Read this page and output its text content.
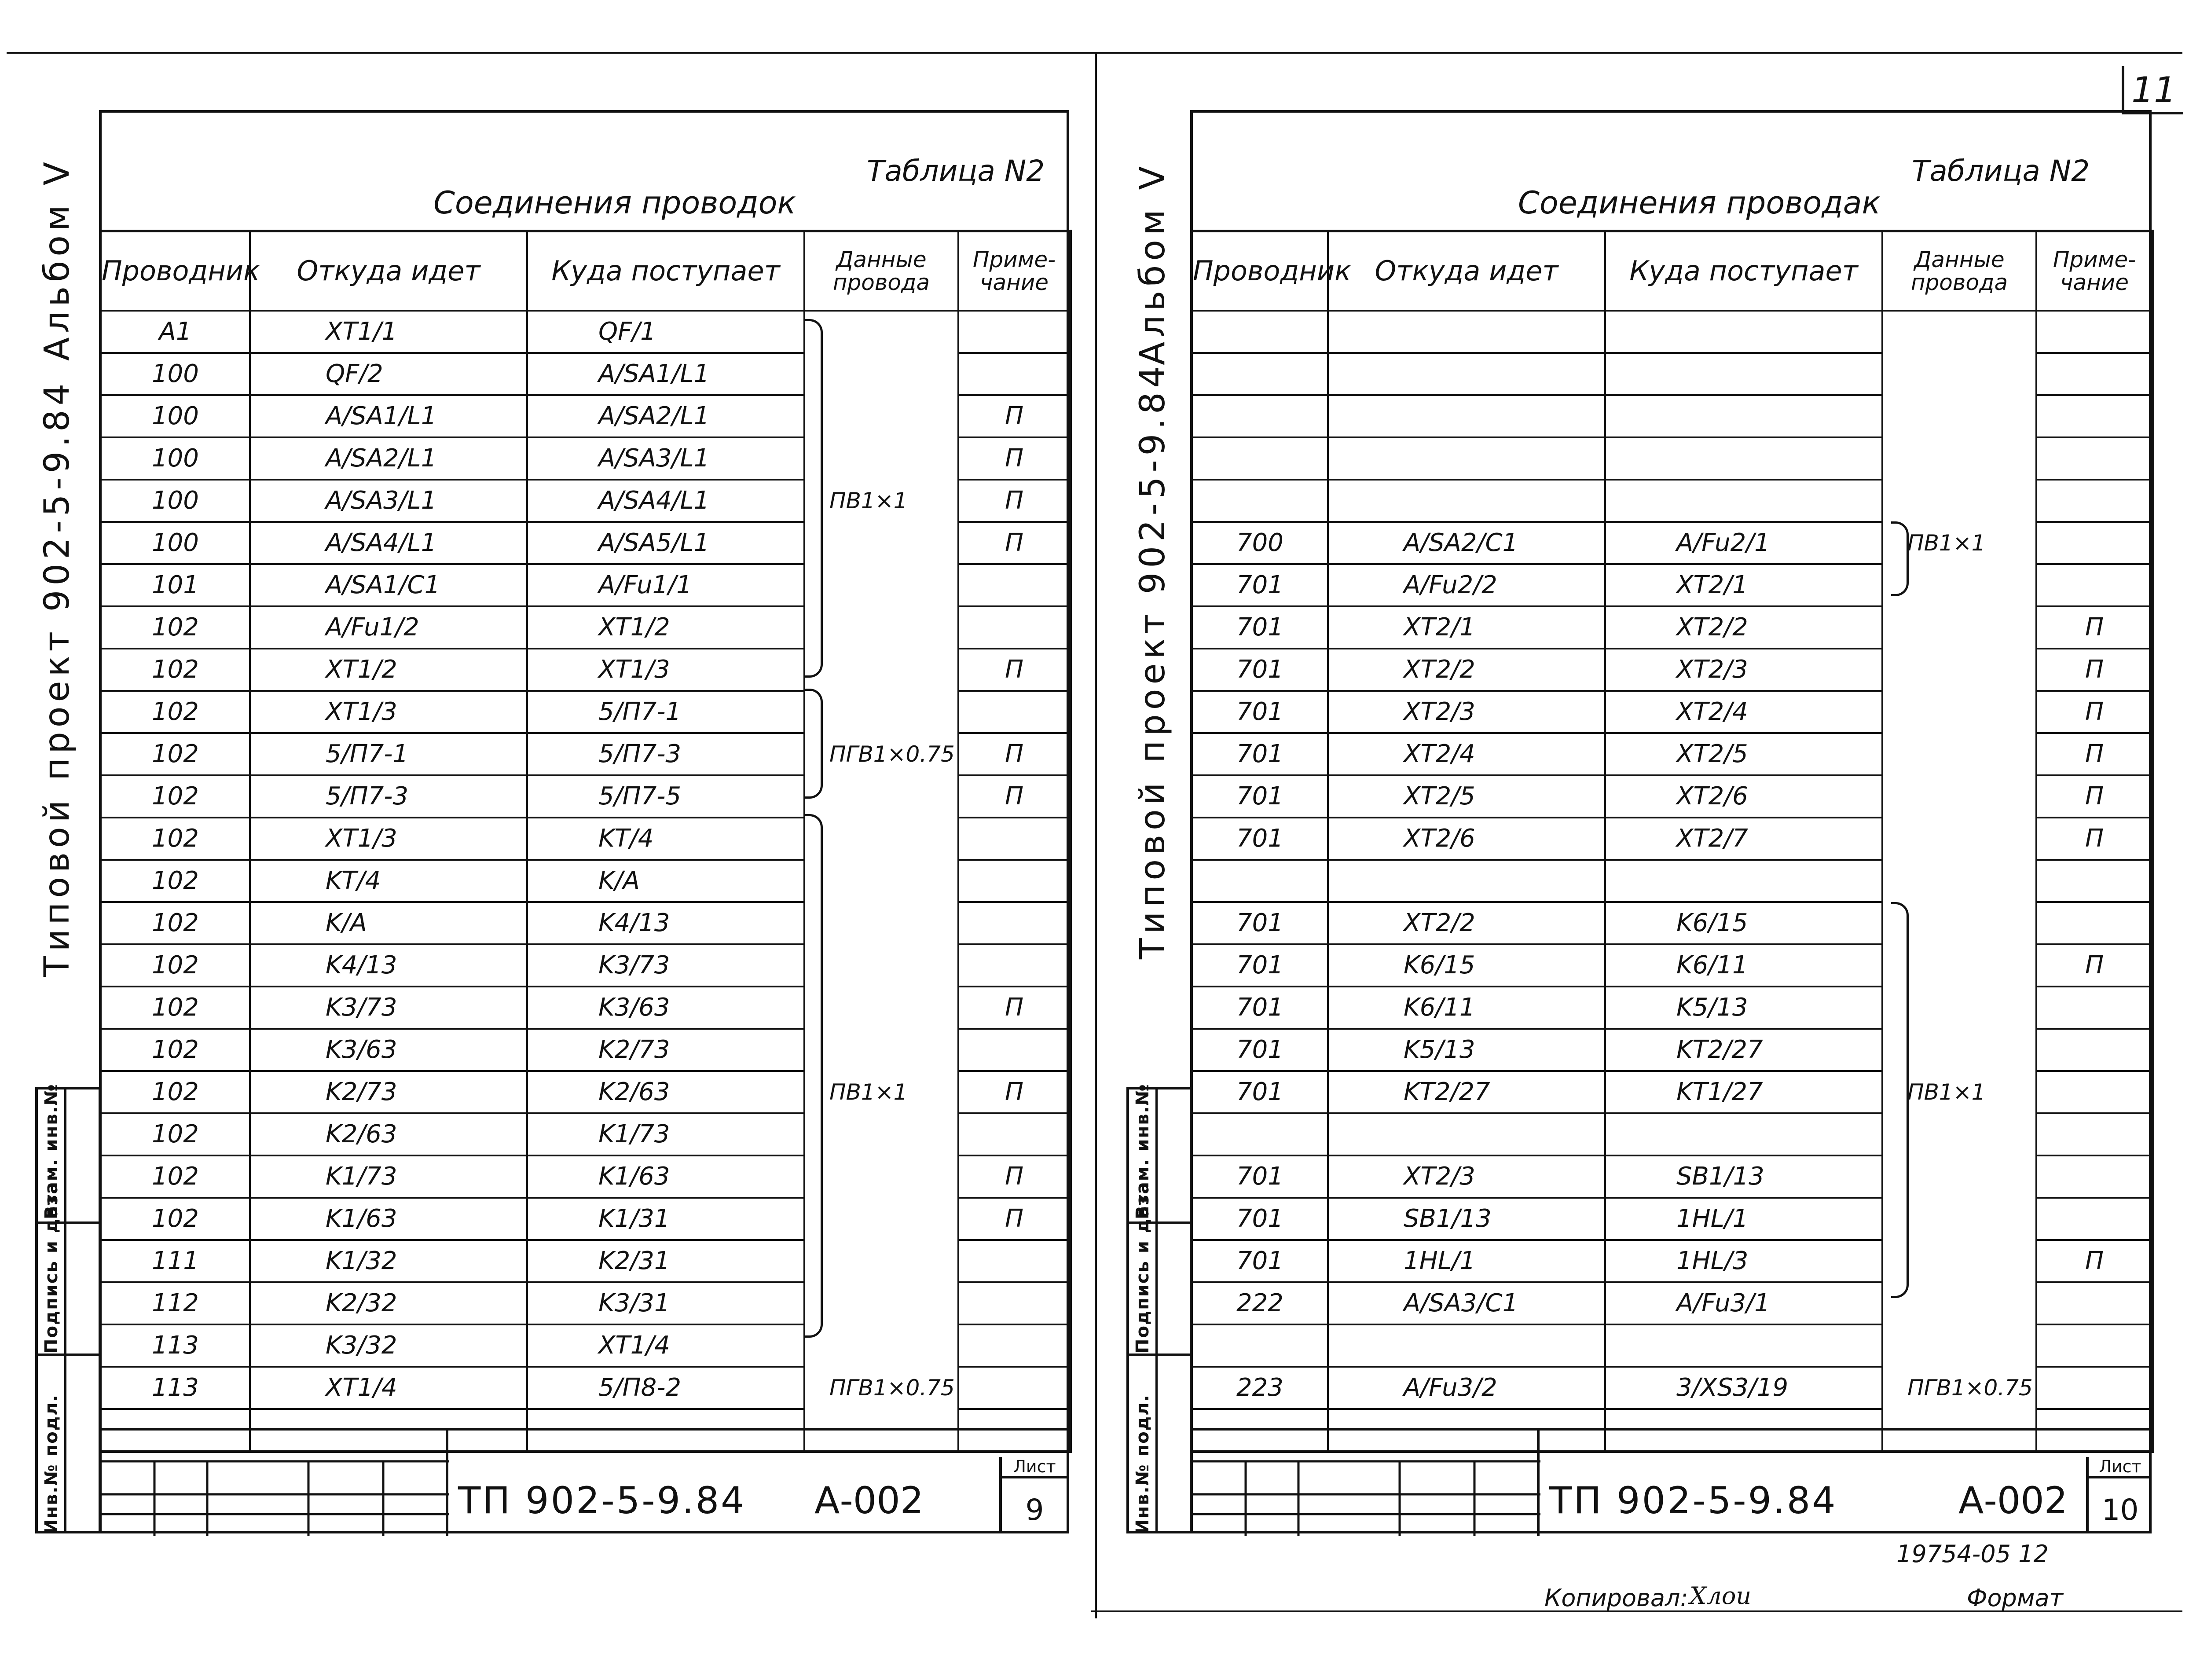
11
Типовой проект 902-5-9.84
Альбом V
Инв.№ подл.
Подпись и дата
Взам. инв.№
Таблица N2
Соединения проводок
Проводник	Откуда идет	Куда поступает	Данные провода	Приме-чание
A1	XT1/1	QF/1		
100	QF/2	A/SA1/L1		
100	A/SA1/L1	A/SA2/L1		П
100	A/SA2/L1	A/SA3/L1		П
100	A/SA3/L1	A/SA4/L1	ПВ1×1	П
100	A/SA4/L1	A/SA5/L1		П
101	A/SA1/C1	A/Fu1/1		
102	A/Fu1/2	XT1/2		
102	XT1/2	XT1/3		П
102	XT1/3	5/П7-1		
102	5/П7-1	5/П7-3	ПГВ1×0.75	П
102	5/П7-3	5/П7-5		П
102	XT1/3	KT/4		
102	KT/4	K/A		
102	K/A	K4/13		
102	K4/13	K3/73		
102	K3/73	K3/63		П
102	K3/63	K2/73		
102	K2/73	K2/63	ПВ1×1	П
102	K2/63	K1/73		
102	K1/73	K1/63		П
102	K1/63	K1/31		П
111	K1/32	K2/31		
112	K2/32	K3/31		
113	K3/32	XT1/4		
113	XT1/4	5/П8-2	ПГВ1×0.75	

ТП 902-5-9.84 А-002
Лист
9
Типовой проект 902-5-9.84
Альбом V
Инв.№ подл.
Подпись и дата
Взам. инв.№
Таблица N2
Соединения проводак
Проводник	Откуда идет	Куда поступает	Данные провода	Приме-чание

700	A/SA2/C1	A/Fu2/1	ПВ1×1	
701	A/Fu2/2	XT2/1		
701	XT2/1	XT2/2		П
701	XT2/2	XT2/3		П
701	XT2/3	XT2/4		П
701	XT2/4	XT2/5		П
701	XT2/5	XT2/6		П
701	XT2/6	XT2/7		П

701	XT2/2	K6/15		
701	K6/15	K6/11		П
701	K6/11	K5/13		
701	K5/13	KT2/27		
701	KT2/27	KT1/27	ПВ1×1	

701	XT2/3	SB1/13		
701	SB1/13	1HL/1		
701	1HL/1	1HL/3		П
222	A/SA3/C1	A/Fu3/1		

223	A/Fu3/2	3/XS3/19	ПГВ1×0.75	

ТП 902-5-9.84	А-002
Лист
10
19754-05 12
Копировал: Хлои	Формат
